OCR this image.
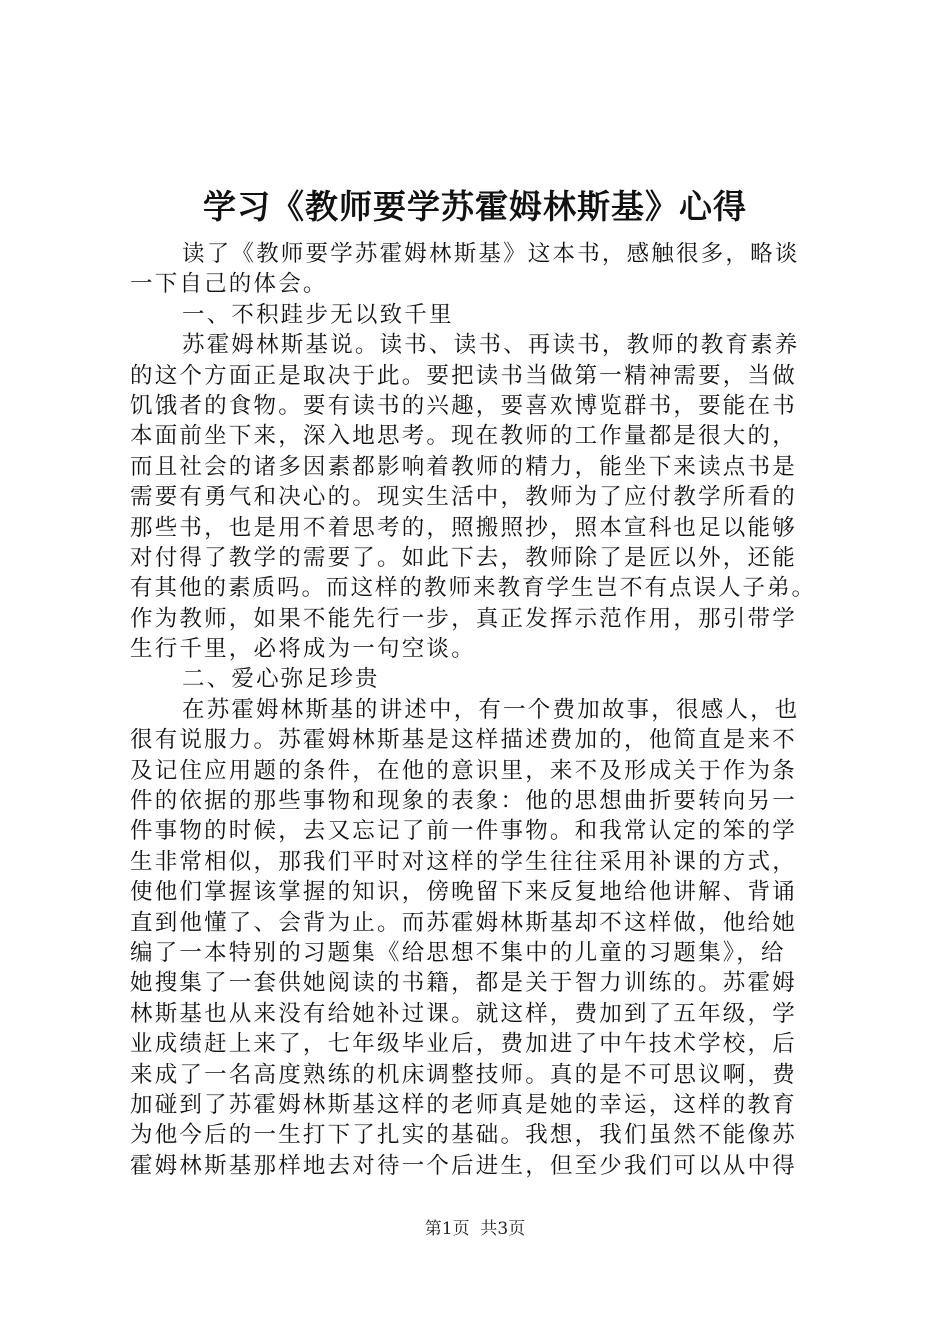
学习《教师要学苏霍姆林斯基》心得
读了《教师要学苏霍姆林斯基》这本书，感触很多，略谈
一下自己的体会。
一、不积跬步无以致千里
苏霍姆林斯基说。读书、读书、再读书，教师的教育素养
的这个方面正是取决于此。要把读书当做第一精神需要，当做
饥饿者的食物。要有读书的兴趣，要喜欢博览群书，要能在书
本面前坐下来，深入地思考。现在教师的工作量都是很大的，
而且社会的诸多因素都影响着教师的精力，能坐下来读点书是
需要有勇气和决心的。现实生活中，教师为了应付教学所看的
那些书，也是用不着思考的，照搬照抄，照本宣科也足以能够
对付得了教学的需要了。如此下去，教师除了是匠以外，还能
有其他的素质吗。而这样的教师来教育学生岂不有点误人子弟。
作为教师，如果不能先行一步，真正发挥示范作用，那引带学
生行千里，必将成为一句空谈。
二、爱心弥足珍贵
在苏霍姆林斯基的讲述中，有一个费加故事，很感人，也
很有说服力。苏霍姆林斯基是这样描述费加的，他简直是来不
及记住应用题的条件，在他的意识里，来不及形成关于作为条
件的依据的那些事物和现象的表象：他的思想曲折要转向另一
件事物的时候，去又忘记了前一件事物。和我常认定的笨的学
生非常相似，那我们平时对这样的学生往往采用补课的方式，
使他们掌握该掌握的知识，傍晚留下来反复地给他讲解、背诵
直到他懂了、会背为止。而苏霍姆林斯基却不这样做，他给她
编了一本特别的习题集《给思想不集中的儿童的习题集》，给
她搜集了一套供她阅读的书籍，都是关于智力训练的。苏霍姆
林斯基也从来没有给她补过课。就这样，费加到了五年级，学
业成绩赶上来了，七年级毕业后，费加进了中午技术学校，后
来成了一名高度熟练的机床调整技师。真的是不可思议啊，费
加碰到了苏霍姆林斯基这样的老师真是她的幸运，这样的教育
为他今后的一生打下了扎实的基础。我想，我们虽然不能像苏
霍姆林斯基那样地去对待一个后进生，但至少我们可以从中得
第1页  共3页
